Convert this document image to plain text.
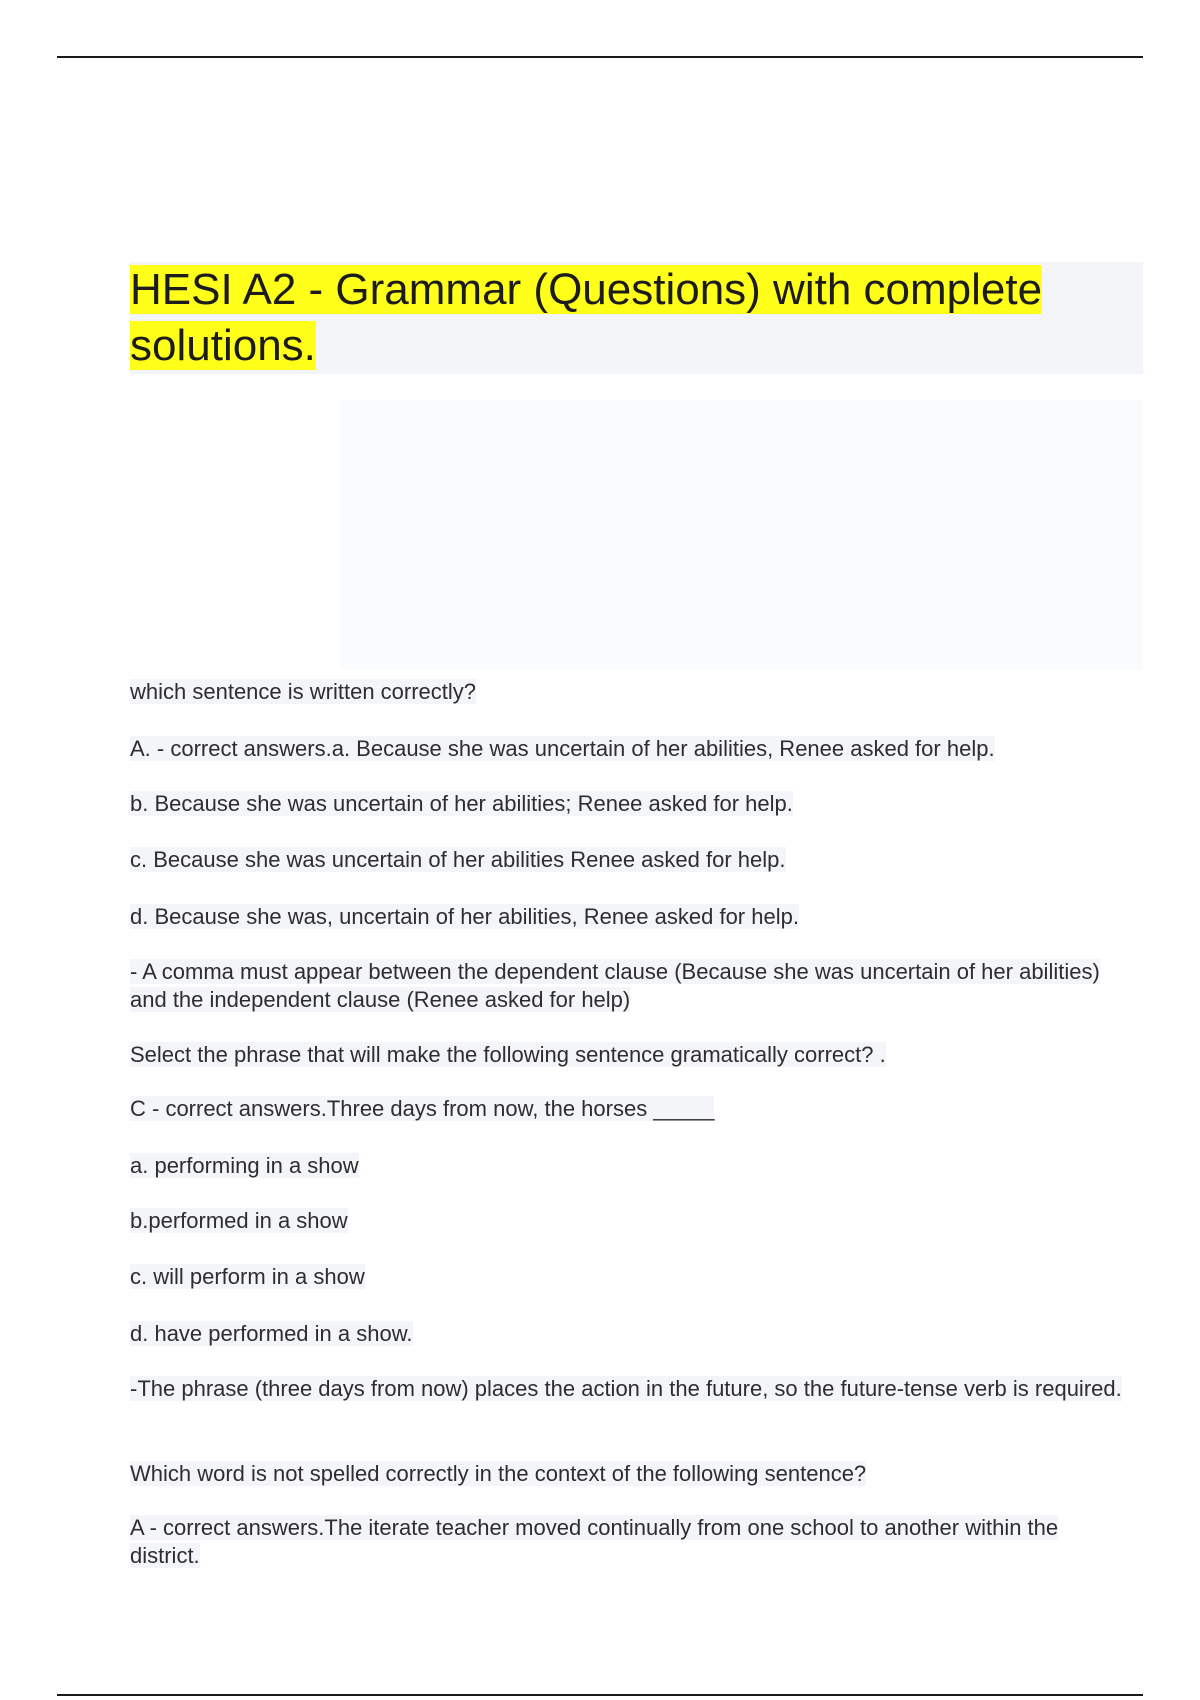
HESI A2 - Grammar (Questions) with complete solutions.

which sentence is written correctly?

A. - correct answers.a. Because she was uncertain of her abilities, Renee asked for help.

b. Because she was uncertain of her abilities; Renee asked for help.

c. Because she was uncertain of her abilities Renee asked for help.

d. Because she was, uncertain of her abilities, Renee asked for help.

- A comma must appear between the dependent clause (Because she was uncertain of her abilities) and the independent clause (Renee asked for help)

Select the phrase that will make the following sentence gramatically correct? .

C - correct answers.Three days from now, the horses _____

a. performing in a show

b.performed in a show

c. will perform in a show

d. have performed in a show.

-The phrase (three days from now) places the action in the future, so the future-tense verb is required.

Which word is not spelled correctly in the context of the following sentence?

A - correct answers.The iterate teacher moved continually from one school to another within the district.
